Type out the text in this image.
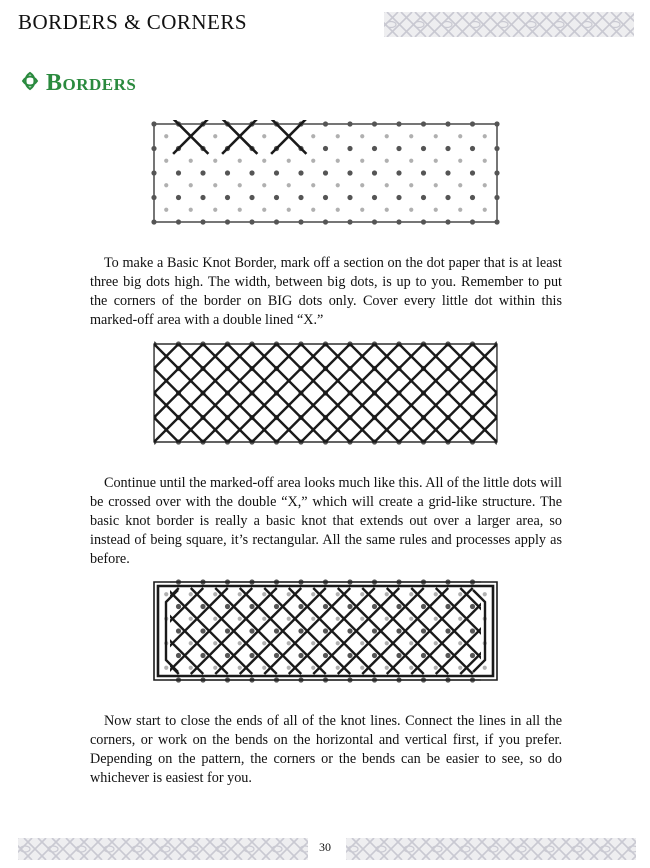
BORDERS & CORNERS
Borders

To make a Basic Knot Border, mark off a section on the dot paper that is at least three big dots high. The width, between big dots, is up to you. Remember to put the corners of the border on BIG dots only. Cover every little dot within this marked-off area with a double lined “X.”

Continue until the marked-off area looks much like this. All of the little dots will be crossed over with the double “X,” which will create a grid-like structure. The basic knot border is really a basic knot that extends out over a larger area, so instead of being square, it’s rectangular. All the same rules and processes apply as before.

Now start to close the ends of all of the knot lines. Connect the lines in all the corners, or work on the bends on the horizontal and vertical first, if you prefer. Depending on the pattern, the corners or the bends can be easier to see, so do whichever is easiest for you.

30
